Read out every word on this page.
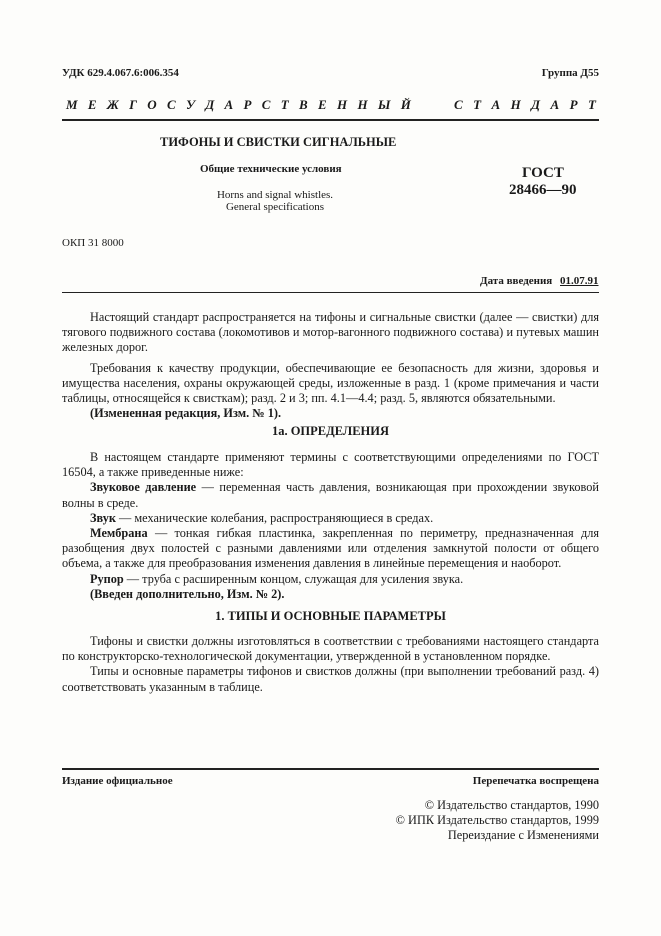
УДК 629.4.067.6:006.354	Группа Д55
М Е Ж Г О С У Д А Р С Т В Е Н Н Ы Й	С Т А Н Д А Р Т
ТИФОНЫ И СВИСТКИ СИГНАЛЬНЫЕ
Общие технические условия
Horns and signal whistles.
General specifications
ГОСТ
28466—90
ОКП 31 8000
Дата введения 01.07.91

Настоящий стандарт распространяется на тифоны и сигнальные свистки (далее — свистки) для тягового подвижного состава (локомотивов и мотор-вагонного подвижного состава) и путевых машин железных дорог.

Требования к качеству продукции, обеспечивающие ее безопасность для жизни, здоровья и имущества населения, охраны окружающей среды, изложенные в разд. 1 (кроме примечания и части таблицы, относящейся к свисткам); разд. 2 и 3; пп. 4.1—4.4; разд. 5, являются обязательными.

(Измененная редакция, Изм. № 1).

1а. ОПРЕДЕЛЕНИЯ

В настоящем стандарте применяют термины с соответствующими определениями по ГОСТ 16504, а также приведенные ниже:

Звуковое давление — переменная часть давления, возникающая при прохождении звуковой волны в среде.

Звук — механические колебания, распространяющиеся в средах.

Мембрана — тонкая гибкая пластинка, закрепленная по периметру, предназначенная для разобщения двух полостей с разными давлениями или отделения замкнутой полости от общего объема, а также для преобразования изменения давления в линейные перемещения и наоборот.

Рупор — труба с расширенным концом, служащая для усиления звука.

(Введен дополнительно, Изм. № 2).

1. ТИПЫ И ОСНОВНЫЕ ПАРАМЕТРЫ

Тифоны и свистки должны изготовляться в соответствии с требованиями настоящего стандарта по конструкторско-технологической документации, утвержденной в установленном порядке.

Типы и основные параметры тифонов и свистков должны (при выполнении требований разд. 4) соответствовать указанным в таблице.

Издание официальное	Перепечатка воспрещена
© Издательство стандартов, 1990
© ИПК Издательство стандартов, 1999
Переиздание с Изменениями
